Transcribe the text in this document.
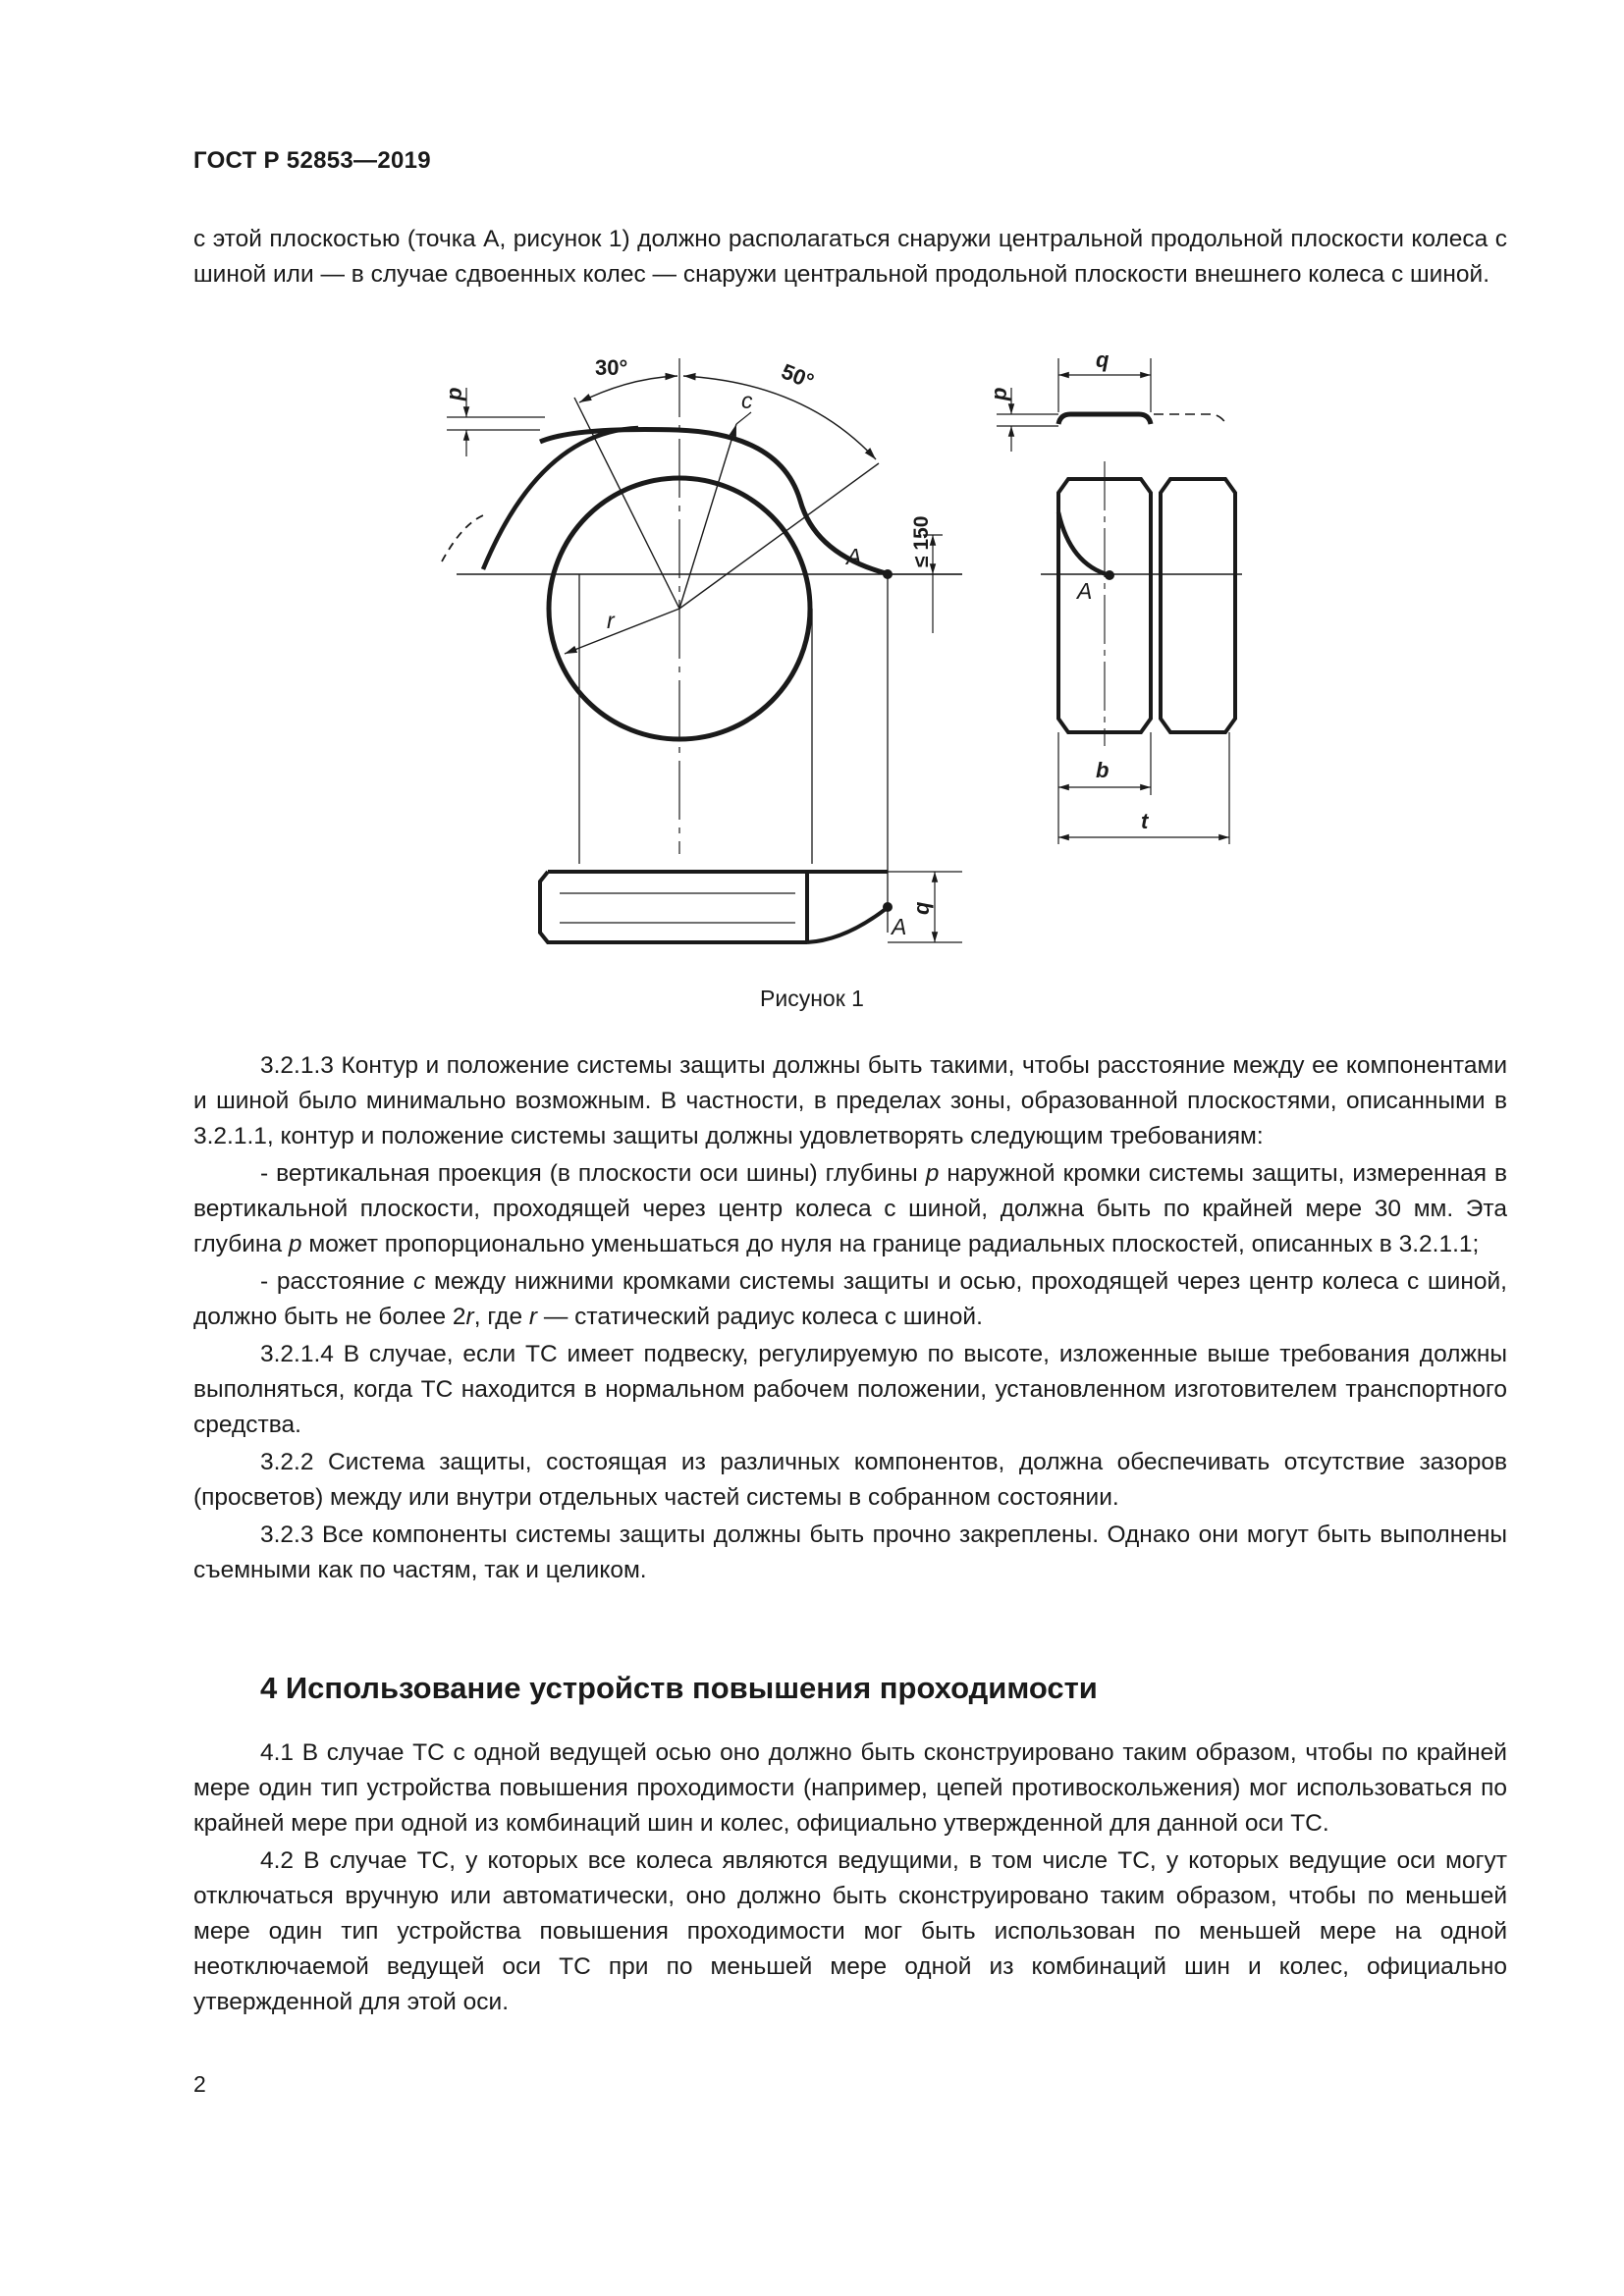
ГОСТ Р 52853—2019

с этой плоскостью (точка А, рисунок 1) должно располагаться снаружи центральной продольной плоскости колеса с шиной или — в случае сдвоенных колес — снаружи центральной продольной плоскости внешнего колеса с шиной.

A
c
r
30°	50°
p
≤ 150
A
q
p
q
A
b
t
Рисунок 1

3.2.1.3 Контур и положение системы защиты должны быть такими, чтобы расстояние между ее компонентами и шиной было минимально возможным. В частности, в пределах зоны, образованной плоскостями, описанными в 3.2.1.1, контур и положение системы защиты должны удовлетворять следующим требованиям:

- вертикальная проекция (в плоскости оси шины) глубины p наружной кромки системы защиты, измеренная в вертикальной плоскости, проходящей через центр колеса с шиной, должна быть по крайней мере 30 мм. Эта глубина p может пропорционально уменьшаться до нуля на границе радиальных плоскостей, описанных в 3.2.1.1;

- расстояние c между нижними кромками системы защиты и осью, проходящей через центр колеса с шиной, должно быть не более 2r, где r — статический радиус колеса с шиной.

3.2.1.4 В случае, если ТС имеет подвеску, регулируемую по высоте, изложенные выше требования должны выполняться, когда ТС находится в нормальном рабочем положении, установленном изготовителем транспортного средства.

3.2.2 Система защиты, состоящая из различных компонентов, должна обеспечивать отсутствие зазоров (просветов) между или внутри отдельных частей системы в собранном состоянии.

3.2.3 Все компоненты системы защиты должны быть прочно закреплены. Однако они могут быть выполнены съемными как по частям, так и целиком.

4 Использование устройств повышения проходимости

4.1 В случае ТС с одной ведущей осью оно должно быть сконструировано таким образом, чтобы по крайней мере один тип устройства повышения проходимости (например, цепей противоскольжения) мог использоваться по крайней мере при одной из комбинаций шин и колес, официально утвержденной для данной оси ТС.

4.2 В случае ТС, у которых все колеса являются ведущими, в том числе ТС, у которых ведущие оси могут отключаться вручную или автоматически, оно должно быть сконструировано таким образом, чтобы по меньшей мере один тип устройства повышения проходимости мог быть использован по меньшей мере на одной неотключаемой ведущей оси ТС при по меньшей мере одной из комбинаций шин и колес, официально утвержденной для этой оси.

2
